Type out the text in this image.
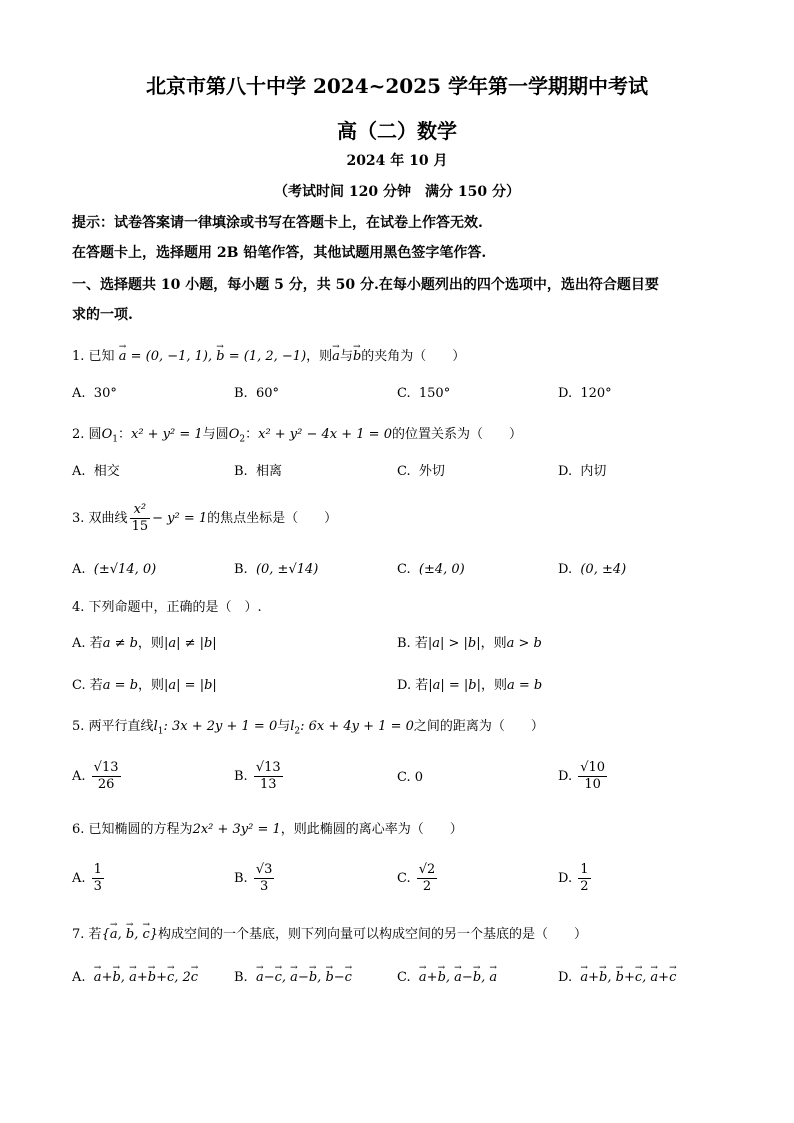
北京市第八十中学 2024~2025 学年第一学期期中考试
高（二）数学
2024 年 10 月
（考试时间 120 分钟　满分 150 分）
提示：试卷答案请一律填涂或书写在答题卡上，在试卷上作答无效.
在答题卡上，选择题用 2B 铅笔作答，其他试题用黑色签字笔作答.
一、选择题共 10 小题，每小题 5 分，共 50 分.在每小题列出的四个选项中，选出符合题目要
求的一项.
1. 已知 → a = (0, −1, 1), → b = (1, 2, −1)，则→ a与→ b的夹角为（　　）
A. 30°	B. 60°	C. 150°	D. 120°
2. 圆$O_1$：x² + y² = 1与圆$O_2$：x² + y² − 4x + 1 = 0的位置关系为（　　）
A. 相交	B. 相离	C. 外切	D. 内切
3. 双曲线 $\frac{\text{x²}}{15} - y^2 = 1$的焦点坐标是（　　）
A. (±√14, 0)	B. (0, ±√14)	C. (±4, 0)	D. (0, ±4)
4. 下列命题中，正确的是（　）.
A. 若a ≠ b，则|a| ≠ |b|	B. 若|a| > |b|，则a > b
C. 若a = b，则|a| = |b|	D. 若|a| = |b|，则a = b
5. 两平行直线$l_1$: 3x + 2y + 1 = 0与$l_2$: 6x + 4y + 1 = 0之间的距离为（　　）
A. $\frac{√13}{26}$	B. $\frac{√13}{13}$	C. 0	D. $\frac{√10}{10}$
6. 已知椭圆的方程为2x² + 3y² = 1，则此椭圆的离心率为（　　）
A. $\frac{1}{3}$	B. $\frac{√3}{3}$	C. $\frac{√2}{2}$	D. $\frac{1}{2}$
7. 若{→ a, → b, → c}构成空间的一个基底，则下列向量可以构成空间的另一个基底的是（　　）
A. → a+→ b, → a+→ b+→ c, 2→ c	B. → a−→ c, → a−→ b, → b−→ c	C. → a+→ b, → a−→ b, → a	D. → a+→ b, → b+→ c, → a+→ c
